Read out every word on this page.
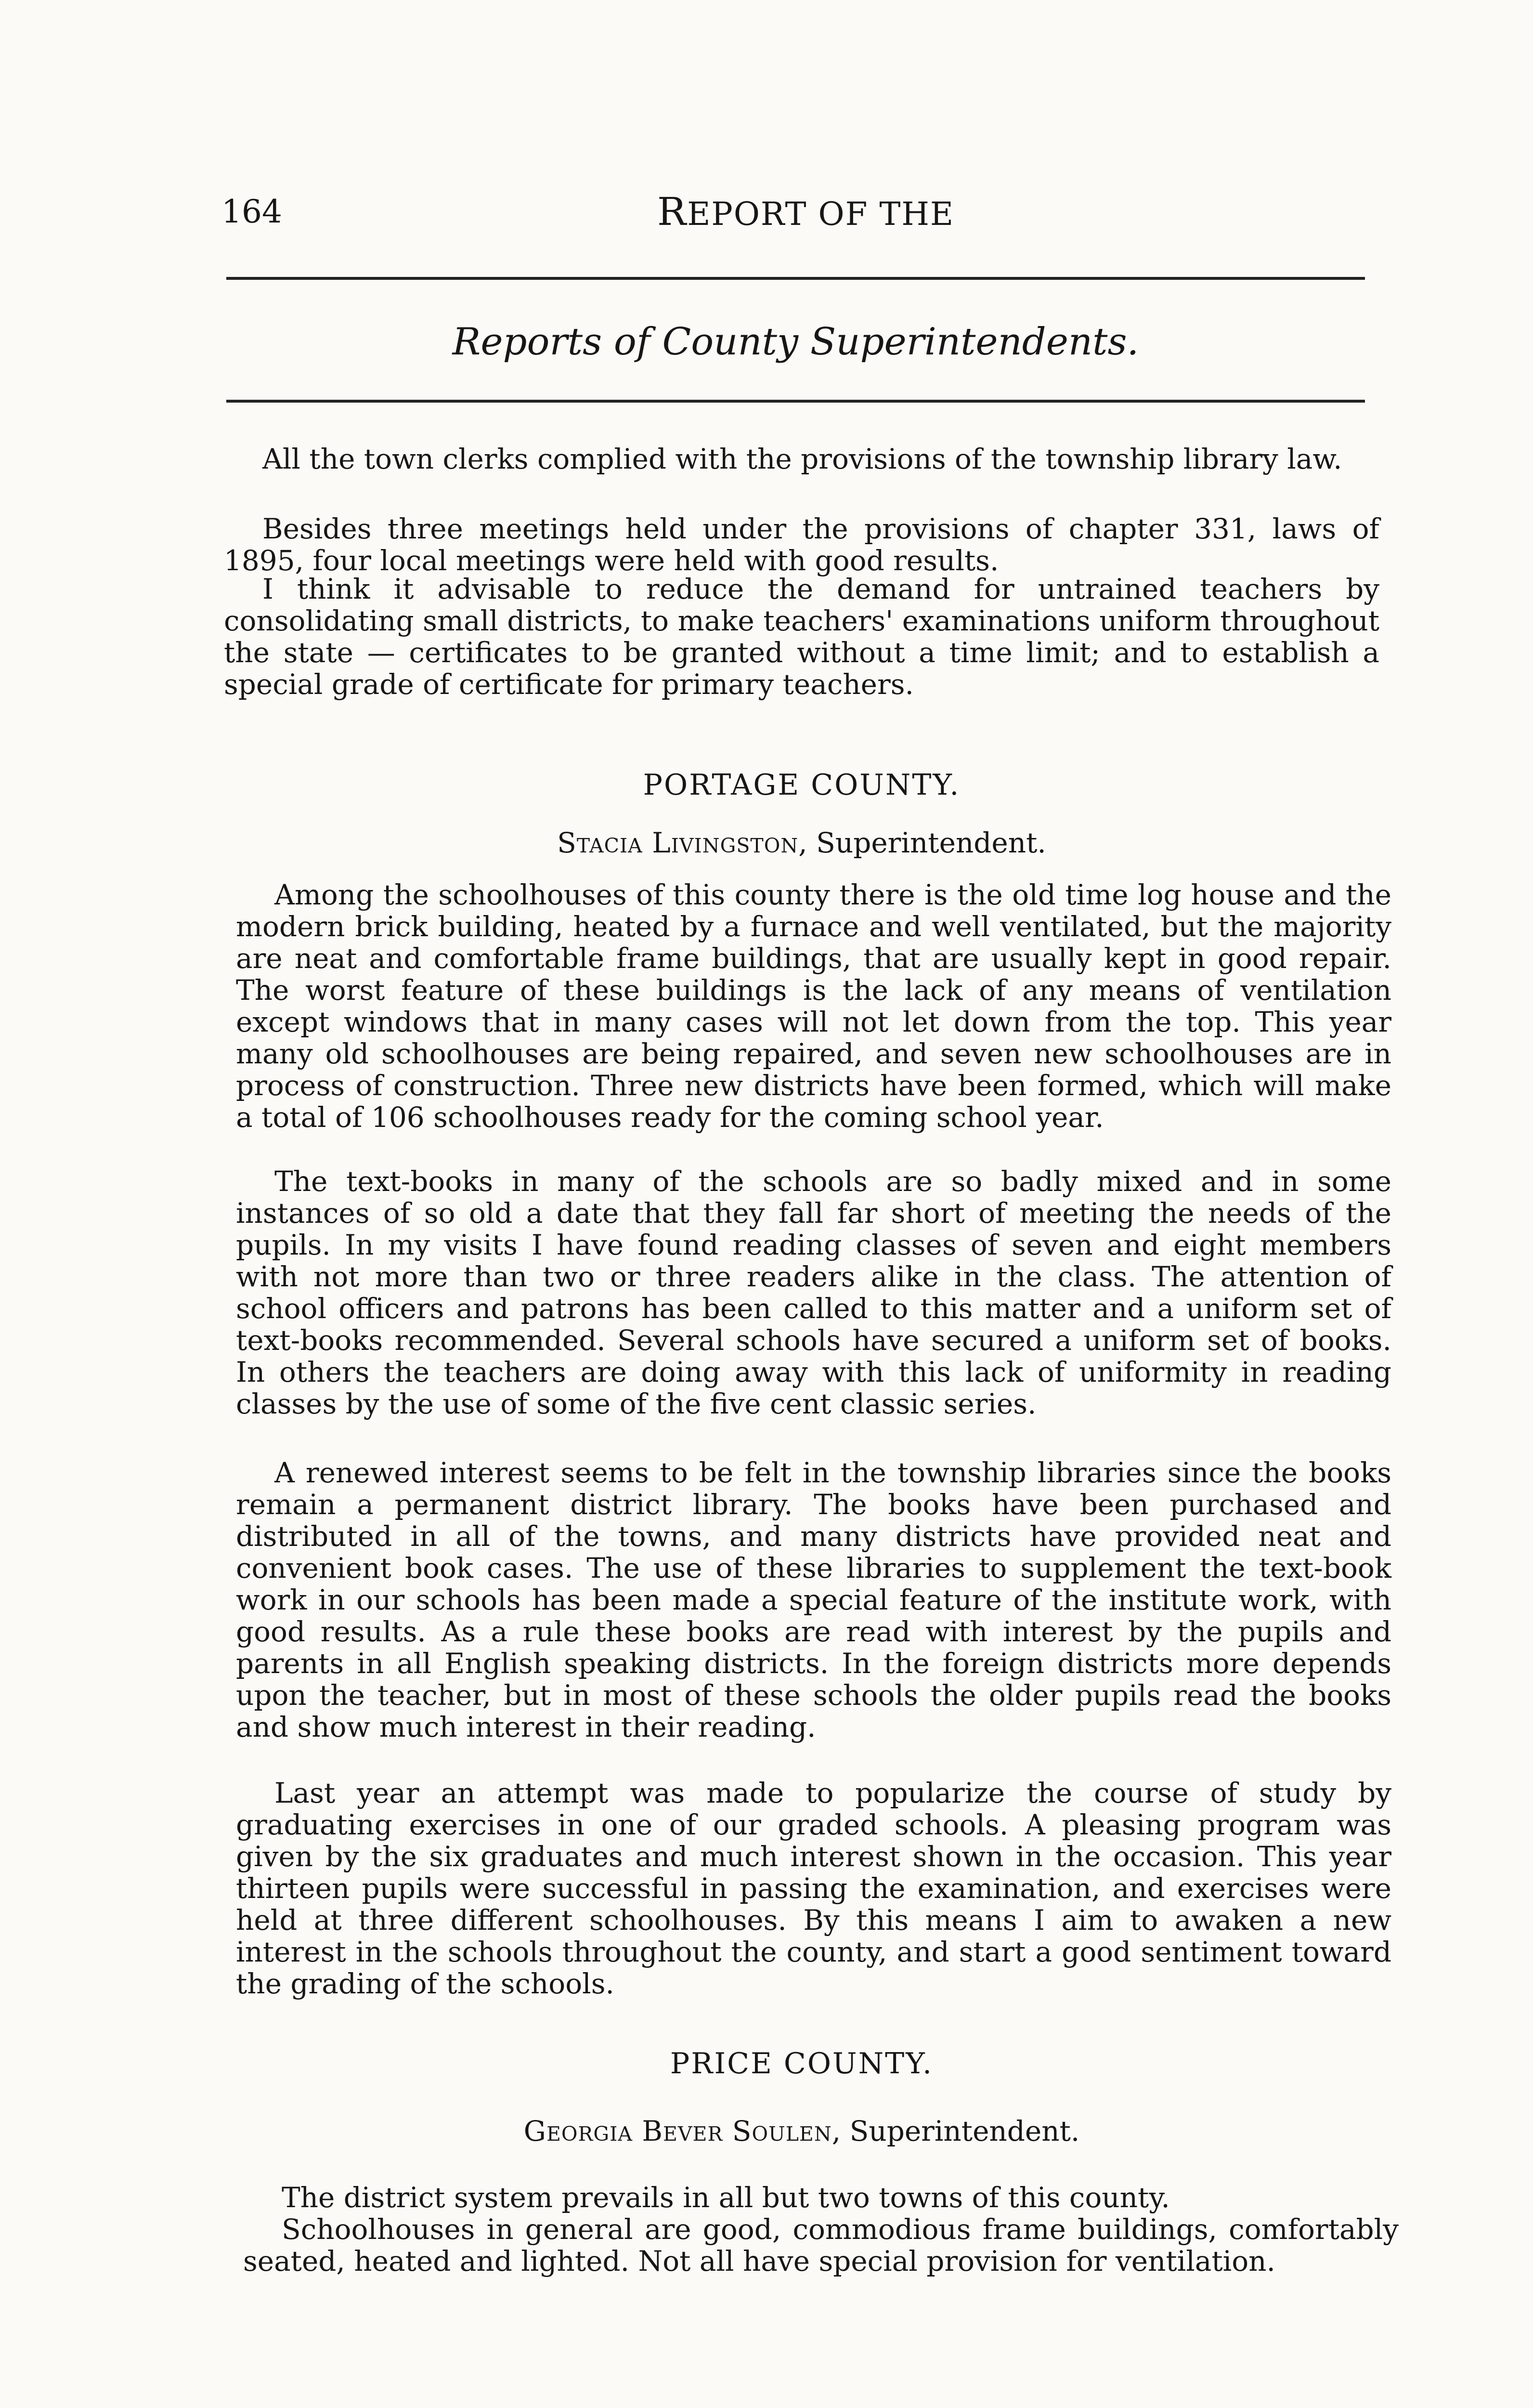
164	REPORT OF THE
Reports of County Superintendents.

All the town clerks complied with the provisions of the township library law.

Besides three meetings held under the provisions of chapter 331, laws of 1895, four local meetings were held with good results.

I think it advisable to reduce the demand for untrained teachers by consolidating small districts, to make teachers' examinations uniform throughout the state — certificates to be granted without a time limit; and to establish a special grade of certificate for primary teachers.

PORTAGE COUNTY.
Stacia Livingston, Superintendent.

Among the schoolhouses of this county there is the old time log house and the modern brick building, heated by a furnace and well ventilated, but the majority are neat and comfortable frame buildings, that are usually kept in good repair. The worst feature of these buildings is the lack of any means of ventilation except windows that in many cases will not let down from the top. This year many old schoolhouses are being repaired, and seven new schoolhouses are in process of construction. Three new districts have been formed, which will make a total of 106 schoolhouses ready for the coming school year.

The text-books in many of the schools are so badly mixed and in some instances of so old a date that they fall far short of meeting the needs of the pupils. In my visits I have found reading classes of seven and eight members with not more than two or three readers alike in the class. The attention of school officers and patrons has been called to this matter and a uniform set of text-books recommended. Several schools have secured a uniform set of books. In others the teachers are doing away with this lack of uniformity in reading classes by the use of some of the five cent classic series.

A renewed interest seems to be felt in the township libraries since the books remain a permanent district library. The books have been purchased and distributed in all of the towns, and many districts have provided neat and convenient book cases. The use of these libraries to supplement the text-book work in our schools has been made a special feature of the institute work, with good results. As a rule these books are read with interest by the pupils and parents in all English speaking districts. In the foreign districts more depends upon the teacher, but in most of these schools the older pupils read the books and show much interest in their reading.

Last year an attempt was made to popularize the course of study by graduating exercises in one of our graded schools. A pleasing program was given by the six graduates and much interest shown in the occasion. This year thirteen pupils were successful in passing the examination, and exercises were held at three different schoolhouses. By this means I aim to awaken a new interest in the schools throughout the county, and start a good sentiment toward the grading of the schools.

PRICE COUNTY.
Georgia Bever Soulen, Superintendent.

The district system prevails in all but two towns of this county.

Schoolhouses in general are good, commodious frame buildings, comfortably seated, heated and lighted. Not all have special provision for ventilation.
